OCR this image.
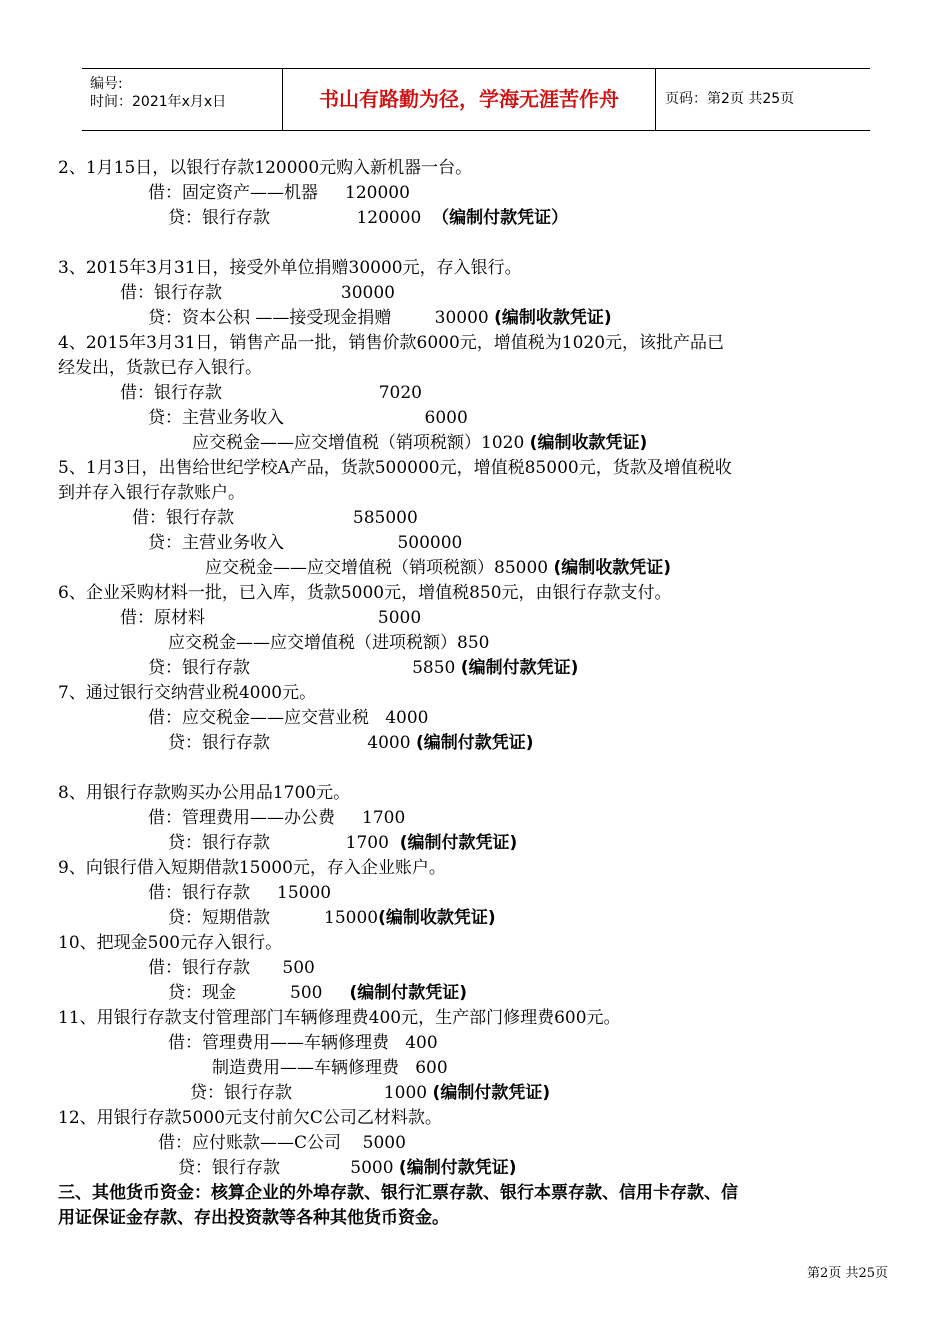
编号:
时间：2021年x月x日	书山有路勤为径，学海无涯苦作舟	页码：第2页 共25页
2、1月15日，以银行存款120000元购入新机器一台。
借：固定资产——机器     120000
贷：银行存款                120000  （编制付款凭证）
3、2015年3月31日，接受外单位捐赠30000元，存入银行。
借：银行存款                      30000
贷：资本公积 ——接受现金捐赠        30000 (编制收款凭证)
4、2015年3月31日，销售产品一批，销售价款6000元，增值税为1020元，该批产品已
经发出，货款已存入银行。
借：银行存款                             7020
贷：主营业务收入                          6000
应交税金——应交增值税（销项税额）1020 (编制收款凭证)
5、1月3日，出售给世纪学校A产品，货款500000元，增值税85000元，货款及增值税收
到并存入银行存款账户。
借：银行存款                      585000
贷：主营业务收入                     500000
应交税金——应交增值税（销项税额）85000 (编制收款凭证)
6、企业采购材料一批，已入库，货款5000元，增值税850元，由银行存款支付。
借：原材料                                5000
应交税金——应交增值税（进项税额）850
贷：银行存款                              5850 (编制付款凭证)
7、通过银行交纳营业税4000元。
借：应交税金——应交营业税   4000
贷：银行存款                  4000 (编制付款凭证)
8、用银行存款购买办公用品1700元。
借：管理费用——办公费     1700
贷：银行存款              1700  (编制付款凭证)
9、向银行借入短期借款15000元，存入企业账户。
借：银行存款     15000
贷：短期借款          15000(编制收款凭证)
10、把现金500元存入银行。
借：银行存款      500
贷：现金          500     (编制付款凭证)
11、用银行存款支付管理部门车辆修理费400元，生产部门修理费600元。
借：管理费用——车辆修理费   400
制造费用——车辆修理费   600
贷：银行存款                 1000 (编制付款凭证)
12、用银行存款5000元支付前欠C公司乙材料款。
借：应付账款——C公司    5000
贷：银行存款             5000 (编制付款凭证)
三、其他货币资金：核算企业的外埠存款、银行汇票存款、银行本票存款、信用卡存款、信
用证保证金存款、存出投资款等各种其他货币资金。
第2页 共25页
